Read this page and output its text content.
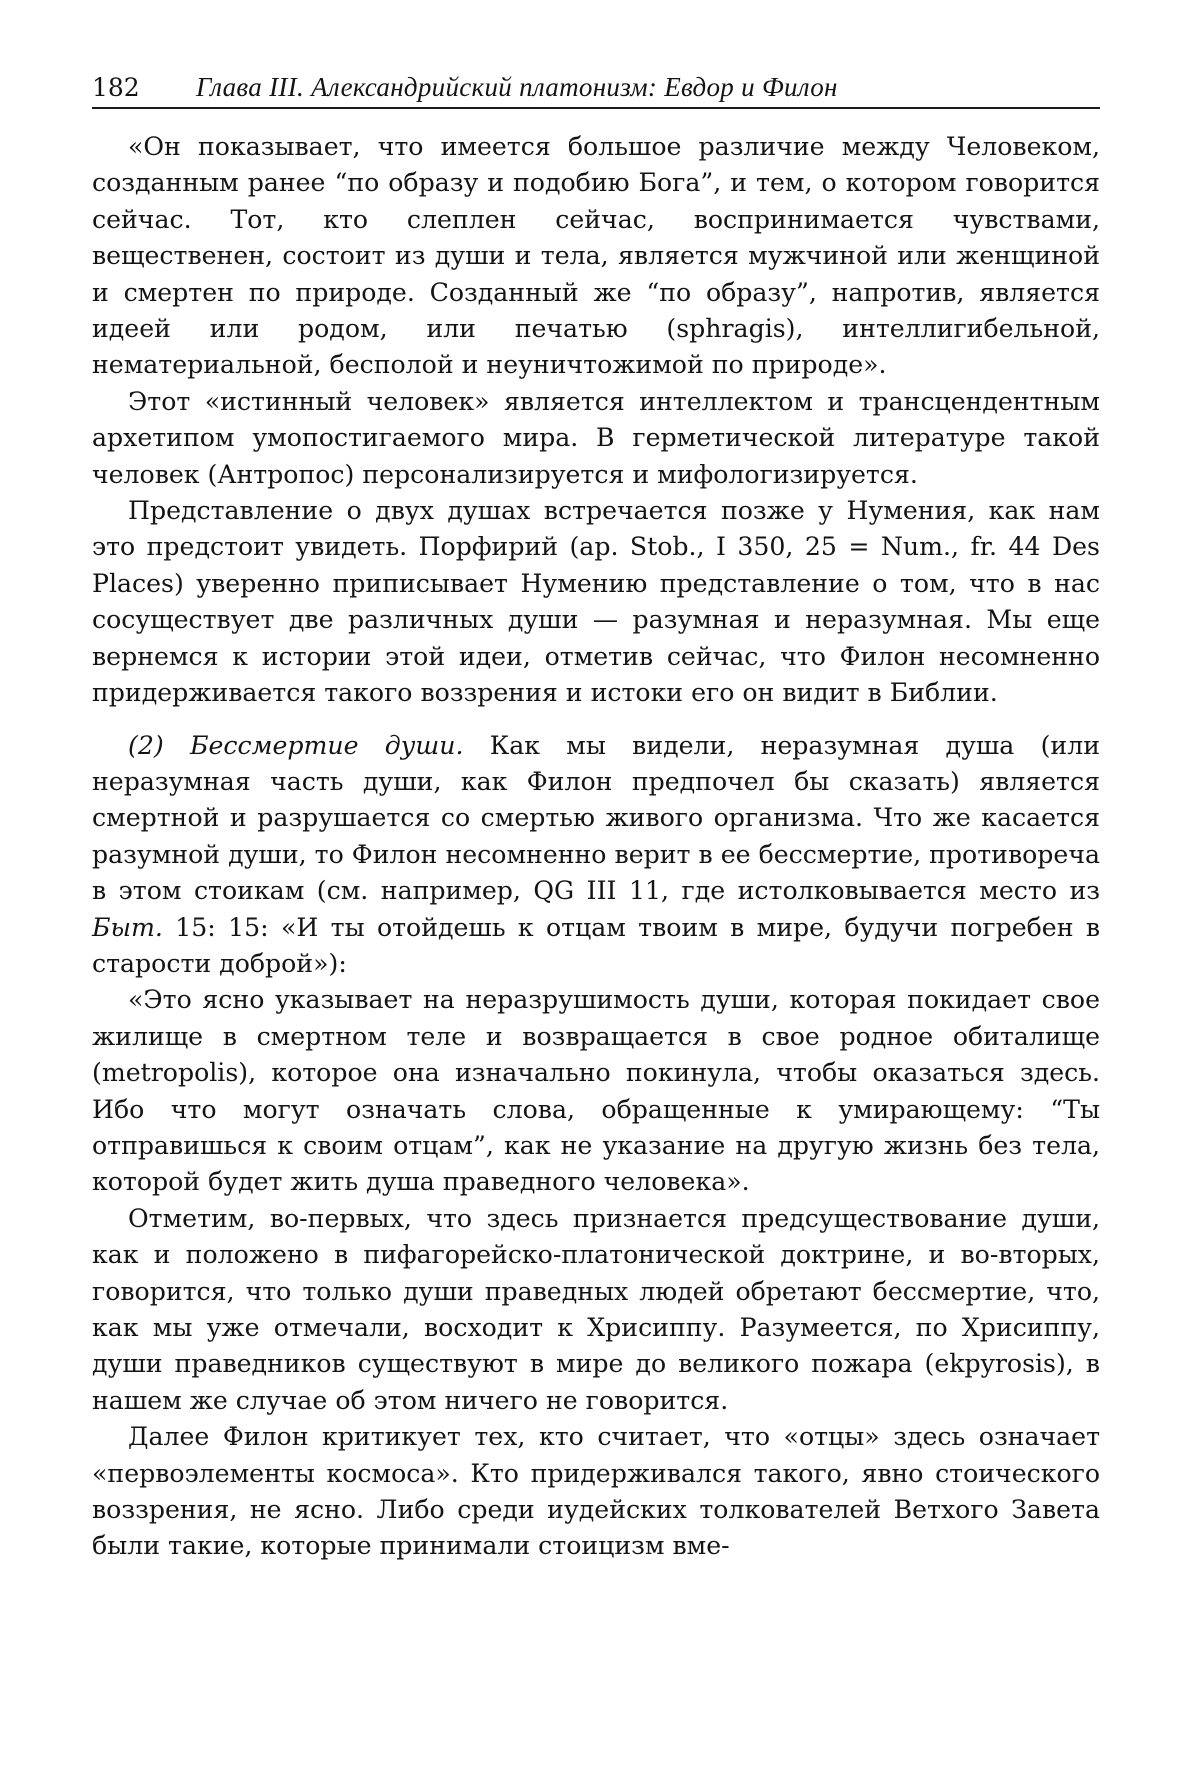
182	Глава III. Александрийский платонизм: Евдор и Филон

«Он показывает, что имеется большое различие между Человеком, созданным ранее “по образу и подобию Бога”, и тем, о котором говорится сейчас. Тот, кто слеплен сейчас, воспринимается чувствами, вещественен, состоит из души и тела, является мужчиной или женщиной и смертен по природе. Созданный же “по образу”, напротив, является идеей или родом, или печатью (sphragis), интеллигибельной, нематериальной, бесполой и неуничтожимой по природе».

Этот «истинный человек» является интеллектом и трансцендентным архетипом умопостигаемого мира. В герметической литературе такой человек (Антропос) персонализируется и мифологизируется.

Представление о двух душах встречается позже у Нумения, как нам это предстоит увидеть. Порфирий (ap. Stob., I 350, 25 = Num., fr. 44 Des Places) уверенно приписывает Нумению представление о том, что в нас сосуществует две различных души — разумная и неразумная. Мы еще вернемся к истории этой идеи, отметив сейчас, что Филон несомненно придерживается такого воззрения и истоки его он видит в Библии.

(2) Бессмертие души. Как мы видели, неразумная душа (или неразумная часть души, как Филон предпочел бы сказать) является смертной и разрушается со смертью живого организма. Что же касается разумной души, то Филон несомненно верит в ее бессмертие, противореча в этом стоикам (см. например, QG III 11, где истолковывается место из Быт. 15: 15: «И ты отойдешь к отцам твоим в мире, будучи погребен в старости доброй»):

«Это ясно указывает на неразрушимость души, которая покидает свое жилище в смертном теле и возвращается в свое родное обиталище (metropolis), которое она изначально покинула, чтобы оказаться здесь. Ибо что могут означать слова, обращенные к умирающему: “Ты отправишься к своим отцам”, как не указание на другую жизнь без тела, которой будет жить душа праведного человека».

Отметим, во-первых, что здесь признается предсуществование души, как и положено в пифагорейско-платонической доктрине, и во-вторых, говорится, что только души праведных людей обретают бессмертие, что, как мы уже отмечали, восходит к Хрисиппу. Разумеется, по Хрисиппу, души праведников существуют в мире до великого пожара (ekpyrosis), в нашем же случае об этом ничего не говорится.

Далее Филон критикует тех, кто считает, что «отцы» здесь означает «первоэлементы космоса». Кто придерживался такого, явно стоического воззрения, не ясно. Либо среди иудейских толкователей Ветхого Завета были такие, которые принимали стоицизм вме-
